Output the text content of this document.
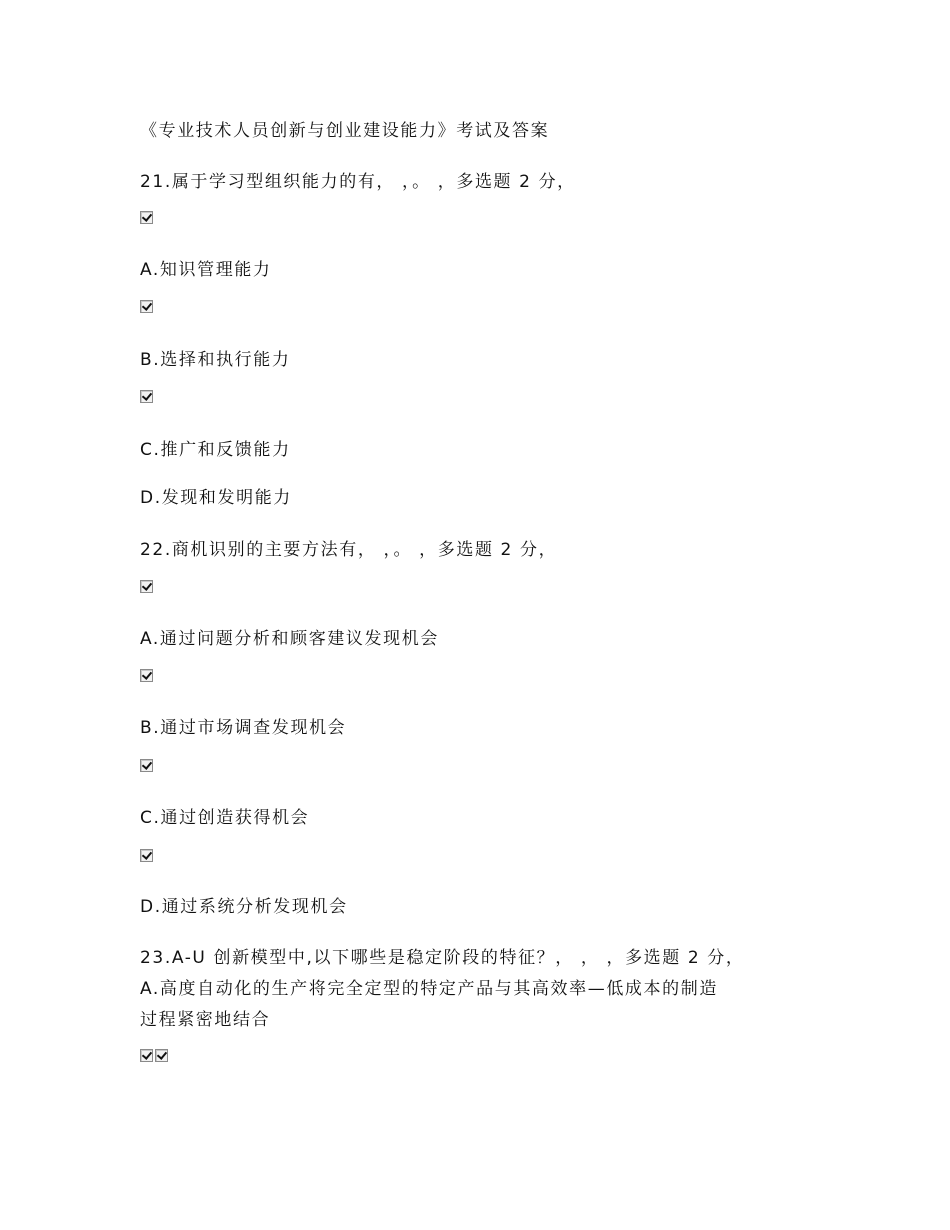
《专业技术人员创新与创业建设能力》考试及答案
21.属于学习型组织能力的有， ，。 ，多选题 2 分，
A.知识管理能力
B.选择和执行能力
C.推广和反馈能力
D.发现和发明能力
22.商机识别的主要方法有， ，。 ，多选题 2 分，
A.通过问题分析和顾客建议发现机会
B.通过市场调查发现机会
C.通过创造获得机会
D.通过系统分析发现机会
23.A-U 创新模型中,以下哪些是稳定阶段的特征？， ， ，多选题 2 分，
A.高度自动化的生产将完全定型的特定产品与其高效率—低成本的制造
过程紧密地结合
